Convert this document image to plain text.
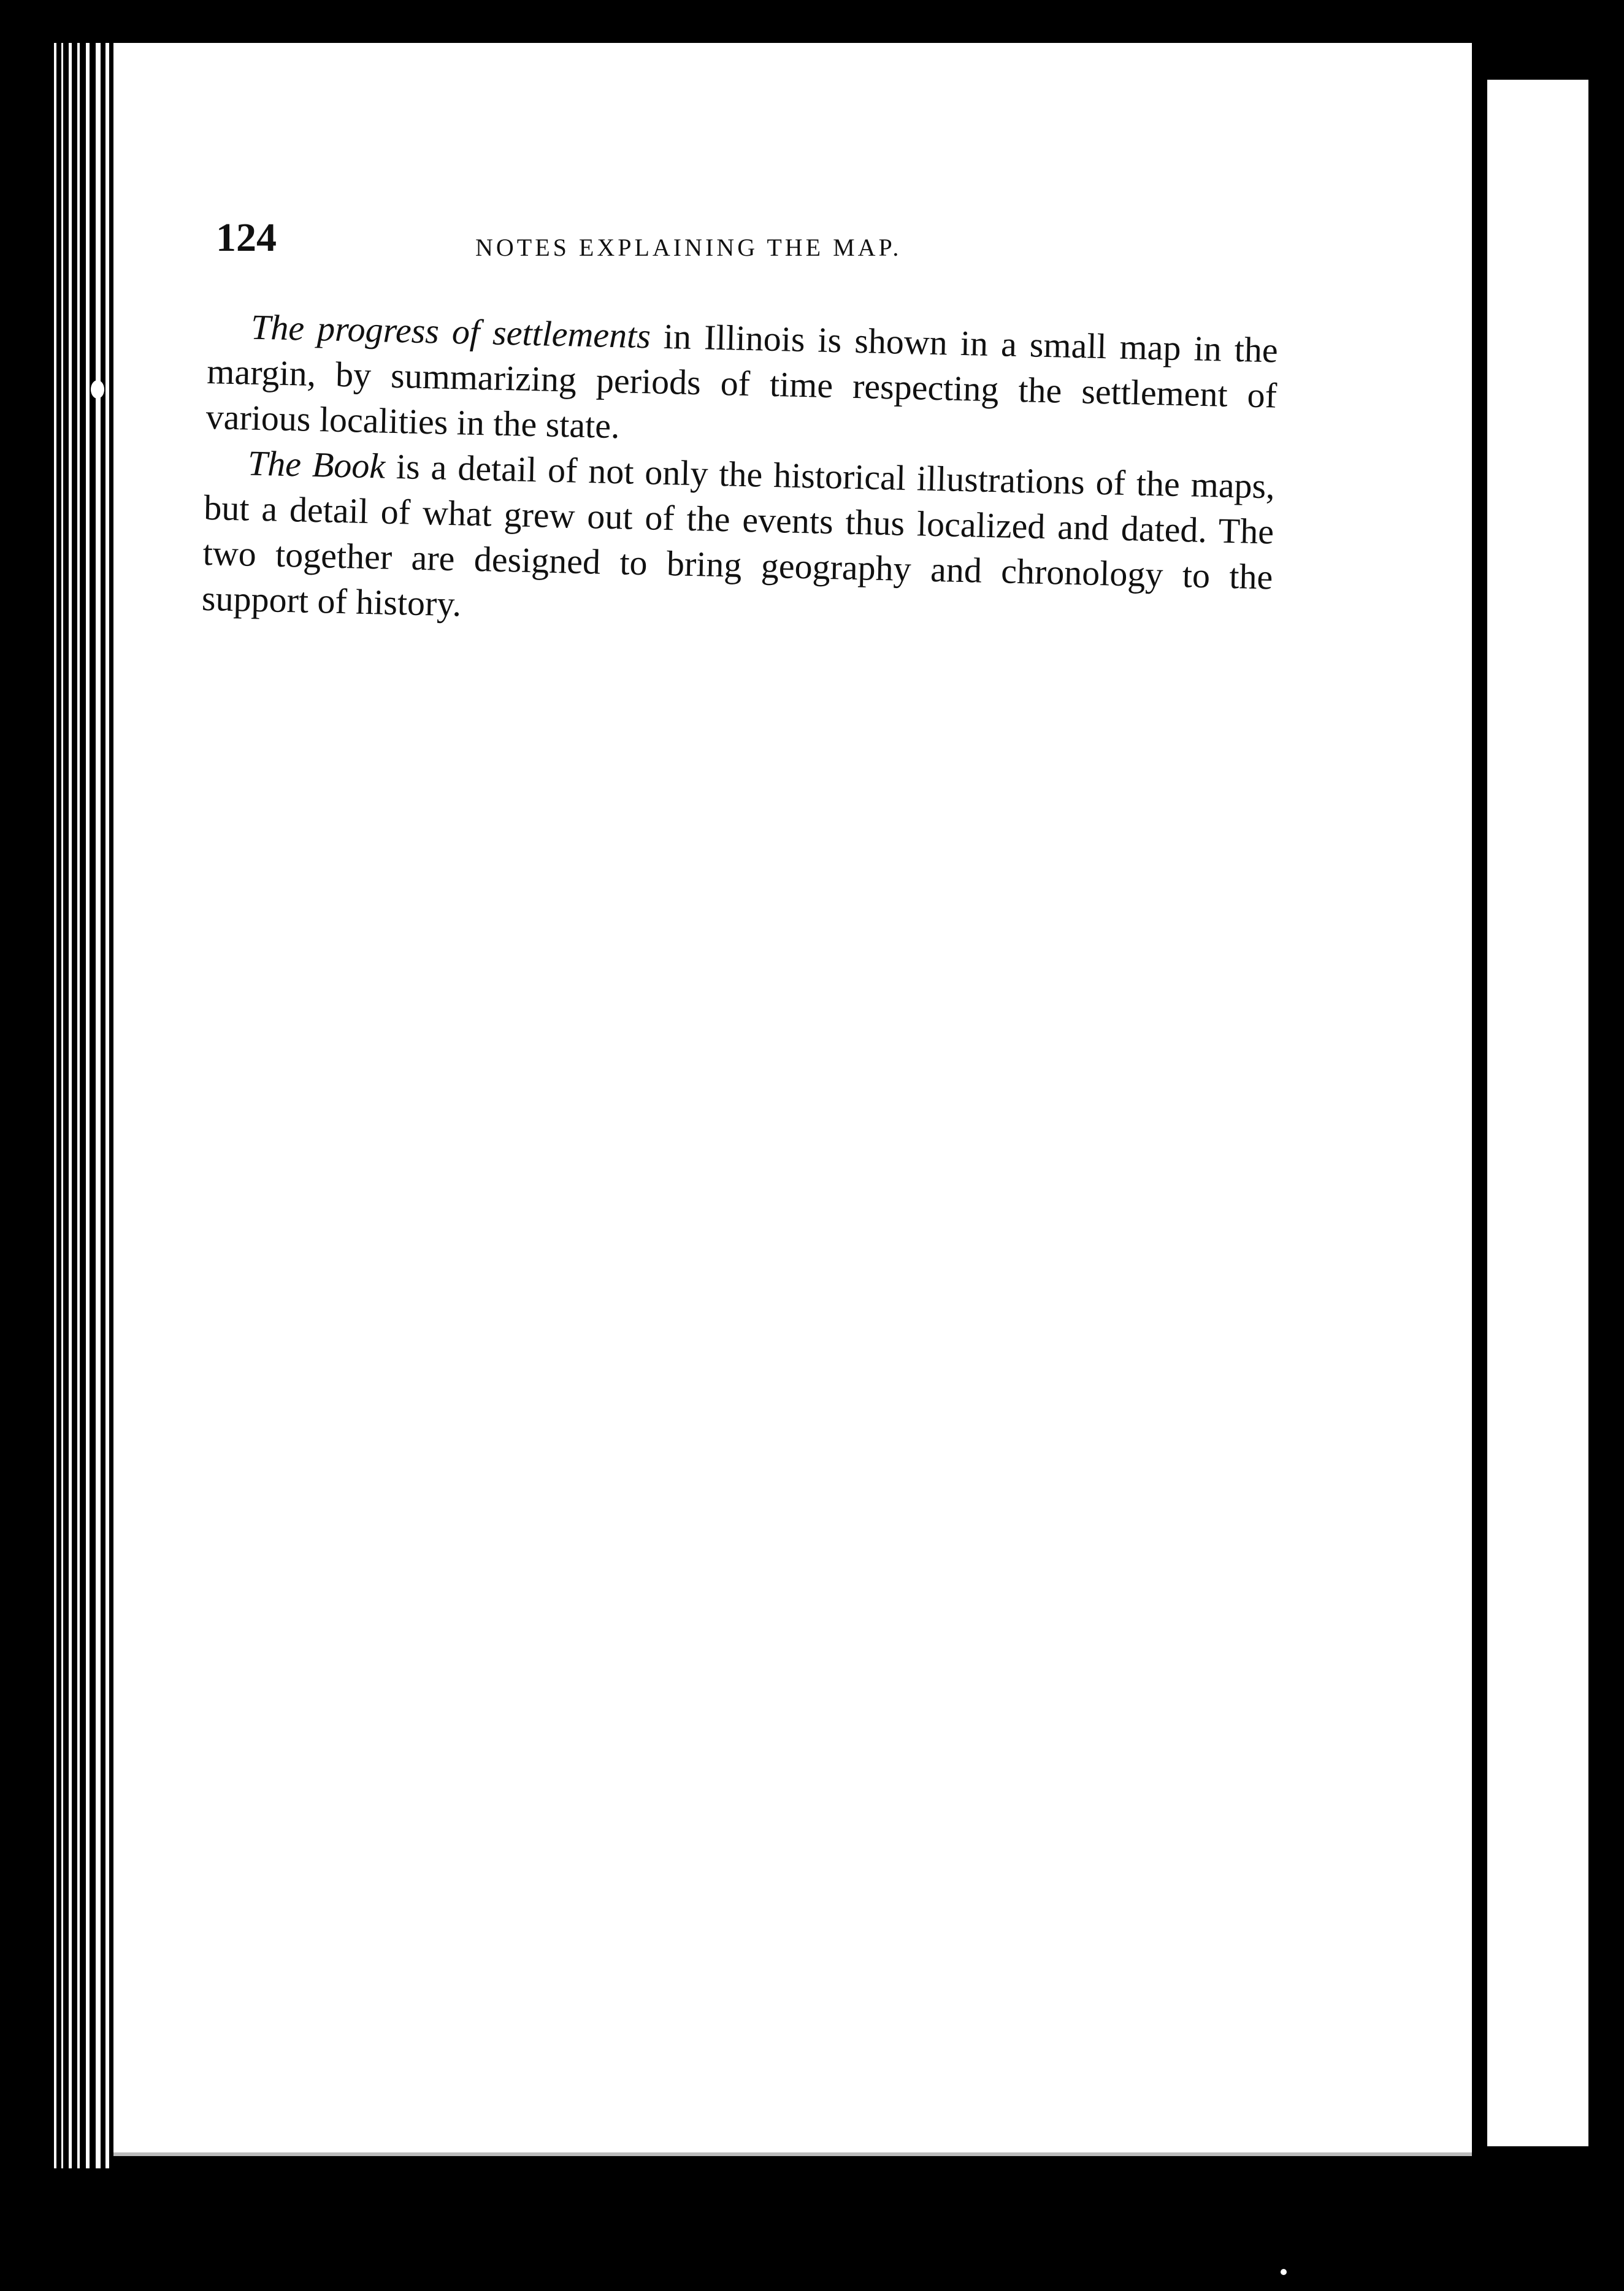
124	NOTES EXPLAINING THE MAP.

The progress of settlements in Illinois is shown in a small map in the margin, by summarizing periods of time respecting the settlement of various localities in the state.

The Book is a detail of not only the historical illustrations of the maps, but a detail of what grew out of the events thus localized and dated. The two together are designed to bring geography and chronology to the support of history.
